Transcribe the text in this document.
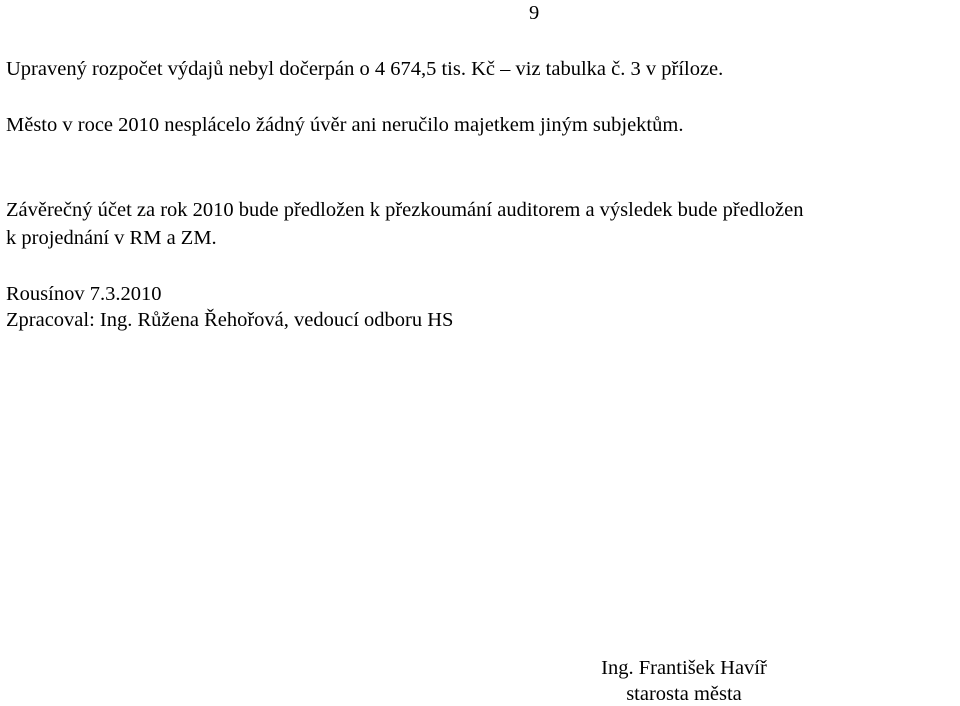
9

Upravený rozpočet výdajů nebyl dočerpán o 4 674,5 tis. Kč – viz tabulka č. 3 v příloze.

Město v roce 2010 nesplácelo žádný úvěr ani neručilo majetkem jiným subjektům.

Závěrečný účet za rok 2010 bude předložen k přezkoumání auditorem a výsledek bude předložen

k projednání v RM a ZM.

Rousínov 7.3.2010

Zpracoval: Ing. Růžena Řehořová, vedoucí odboru HS

Ing. František Havíř
starosta města
